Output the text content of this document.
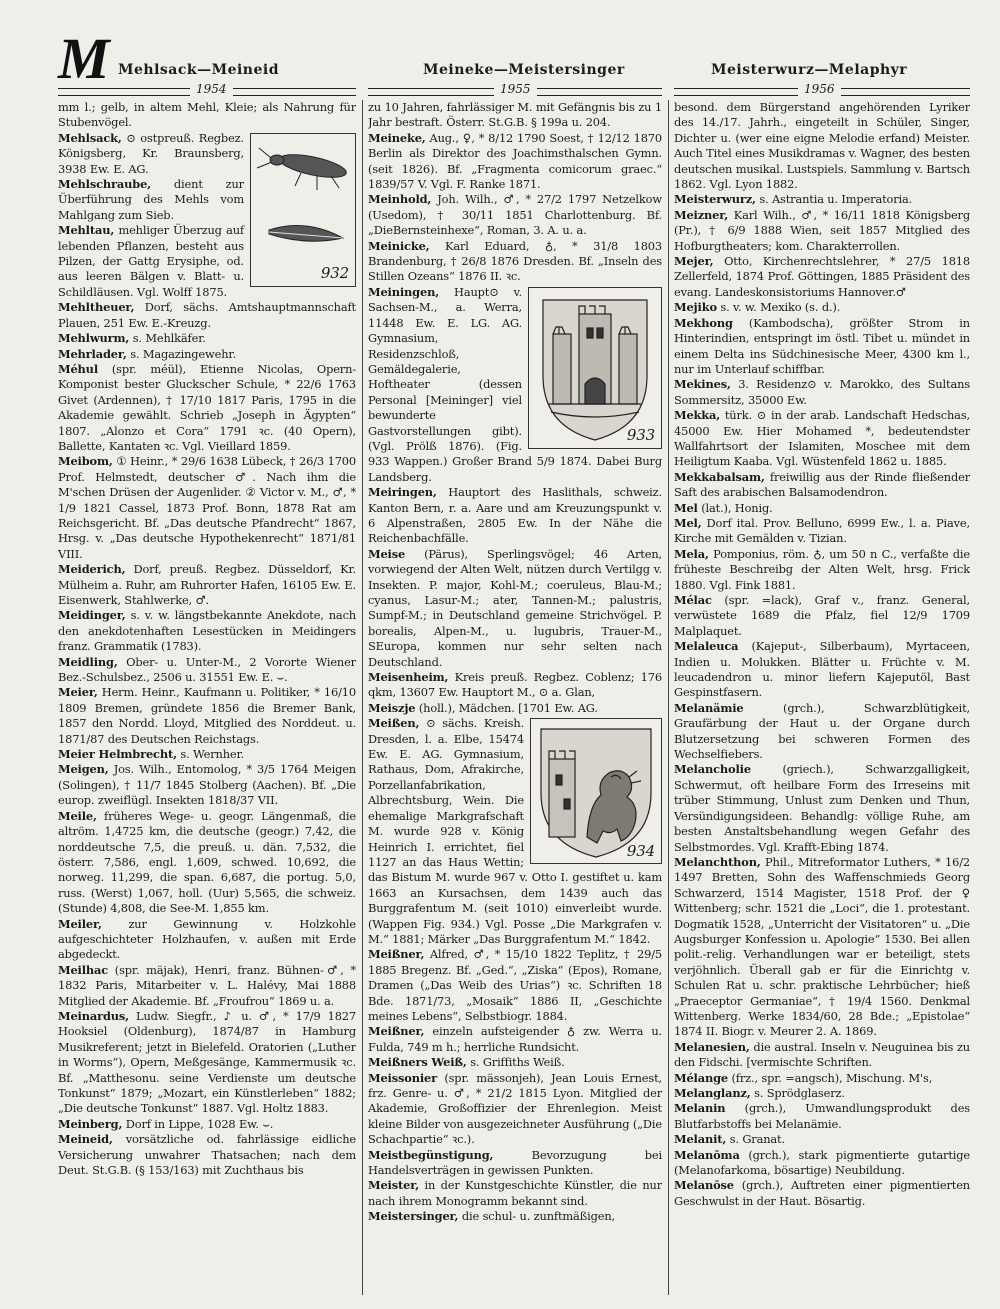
M Mehlsack—Meineid	Meineke—Meistersinger	Meisterwurz—Melaphyr
1954	1955	1956
mm l.; gelb, in altem Mehl, Kleie; als Nahrung für Stubenvögel.
932
Mehlsack, ⊙ ostpreuß. Regbez. Königsberg, Kr. Braunsberg, 3938 Ew. E. AG.
Mehlschraube, dient zur Überführung des Mehls vom Mahlgang zum Sieb.
Mehltau, mehliger Überzug auf lebenden Pflanzen, besteht aus Pilzen, der Gattg Erysiphe, od. aus leeren Bälgen v. Blatt- u. Schildläusen. Vgl. Wolff 1875.
Mehltheuer, Dorf, sächs. Amtshauptmannschaft Plauen, 251 Ew. E.-Kreuzg.
Mehlwurm, s. Mehlkäfer.
Mehrlader, s. Magazingewehr.
Méhul (spr. méül), Etienne Nicolas, Opern-Komponist bester Gluckscher Schule, * 22/6 1763 Givet (Ardennen), † 17/10 1817 Paris, 1795 in die Akademie gewählt. Schrieb „Joseph in Ägypten“ 1807. „Alonzo et Cora“ 1791 ꝛc. (40 Opern), Ballette, Kantaten ꝛc. Vgl. Vieillard 1859.
Meibom, ① Heinr., * 29/6 1638 Lübeck, † 26/3 1700 Prof. Helmstedt, deutscher ♂. Nach ihm die M'schen Drüsen der Augenlider. ② Victor v. M., ♂, * 1/9 1821 Cassel, 1873 Prof. Bonn, 1878 Rat am Reichsgericht. Bf. „Das deutsche Pfandrecht“ 1867, Hrsg. v. „Das deutsche Hypothekenrecht“ 1871/81 VIII.
Meiderich, Dorf, preuß. Regbez. Düsseldorf, Kr. Mülheim a. Ruhr, am Ruhrorter Hafen, 16105 Ew. E. Eisenwerk, Stahlwerke, ♂.
Meidinger, s. v. w. längstbekannte Anekdote, nach den anekdotenhaften Lesestücken in Meidingers franz. Grammatik (1783).
Meidling, Ober- u. Unter-M., 2 Vororte Wiener Bez.-Schulsbez., 2506 u. 31551 Ew. E. ⌣.
Meier, Herm. Heinr., Kaufmann u. Politiker, * 16/10 1809 Bremen, gründete 1856 die Bremer Bank, 1857 den Nordd. Lloyd, Mitglied des Norddeut. u. 1871/87 des Deutschen Reichstags.
Meier Helmbrecht, s. Wernher.
Meigen, Jos. Wilh., Entomolog, * 3/5 1764 Meigen (Solingen), † 11/7 1845 Stolberg (Aachen). Bf. „Die europ. zweiflügl. Insekten 1818/37 VII.
Meile, früheres Wege- u. geogr. Längenmaß, die altröm. 1,4725 km, die deutsche (geogr.) 7,42, die norddeutsche 7,5, die preuß. u. dän. 7,532, die österr. 7,586, engl. 1,609, schwed. 10,692, die norweg. 11,299, die span. 6,687, die portug. 5,0, russ. (Werst) 1,067, holl. (Uur) 5,565, die schweiz. (Stunde) 4,808, die See-M. 1,855 km.
Meiler, zur Gewinnung v. Holzkohle aufgeschichteter Holzhaufen, v. außen mit Erde abgedeckt.
Meilhac (spr. mäjak), Henri, franz. Bühnen-♂, * 1832 Paris, Mitarbeiter v. L. Halévy, Mai 1888 Mitglied der Akademie. Bf. „Froufrou“ 1869 u. a.
Meinardus, Ludw. Siegfr., ♪ u. ♂, * 17/9 1827 Hooksiel (Oldenburg), 1874/87 in Hamburg Musikreferent; jetzt in Bielefeld. Oratorien („Luther in Worms“), Opern, Meßgesänge, Kammermusik ꝛc. Bf. „Matthesonu. seine Verdienste um deutsche Tonkunst“ 1879; „Mozart, ein Künstlerleben“ 1882; „Die deutsche Tonkunst“ 1887. Vgl. Holtz 1883.
Meinberg, Dorf in Lippe, 1028 Ew. ⌣.
Meineid, vorsätzliche od. fahrlässige eidliche Versicherung unwahrer Thatsachen; nach dem Deut. St.G.B. (§ 153/163) mit Zuchthaus bis
zu 10 Jahren, fahrlässiger M. mit Gefängnis bis zu 1 Jahr bestraft. Österr. St.G.B. § 199a u. 204.
Meineke, Aug., ♀, * 8/12 1790 Soest, † 12/12 1870 Berlin als Direktor des Joachimsthalschen Gymn. (seit 1826). Bf. „Fragmenta comicorum graec.“ 1839/57 V. Vgl. F. Ranke 1871.
Meinhold, Joh. Wilh., ♂, * 27/2 1797 Netzelkow (Usedom), † 30/11 1851 Charlottenburg. Bf. „DieBernsteinhexe“, Roman, 3. A. u. a.
Meinicke, Karl Eduard, ♁, * 31/8 1803 Brandenburg, † 26/8 1876 Dresden. Bf. „Inseln des Stillen Ozeans“ 1876 II. ꝛc.
933
Meiningen, Haupt⊙ v. Sachsen-M., a. Werra, 11448 Ew. E. LG. AG. Gymnasium, Residenzschloß, Gemäldegalerie, Hoftheater (dessen Personal [Meininger] viel bewunderte Gastvorstellungen gibt). (Vgl. Prölß 1876). (Fig. 933 Wappen.) Großer Brand 5/9 1874. Dabei Burg Landsberg.
Meiringen, Hauptort des Haslithals, schweiz. Kanton Bern, r. a. Aare und am Kreuzungspunkt v. 6 Alpenstraßen, 2805 Ew. In der Nähe die Reichenbachfälle.
Meise (Pärus), Sperlingsvögel; 46 Arten, vorwiegend der Alten Welt, nützen durch Vertilgg v. Insekten. P. major, Kohl-M.; coeruleus, Blau-M.; cyanus, Lasur-M.; ater, Tannen-M.; palustris, Sumpf-M.; in Deutschland gemeine Strichvögel. P. borealis, Alpen-M., u. lugubris, Trauer-M., SEuropa, kommen nur sehr selten nach Deutschland.
Meisenheim, Kreis preuß. Regbez. Coblenz; 176 qkm, 13607 Ew. Hauptort M., ⊙ a. Glan,
Meiszje (holl.), Mädchen. [1701 Ew. AG.
934
Meißen, ⊙ sächs. Kreish. Dresden, l. a. Elbe, 15474 Ew. E. AG. Gymnasium, Rathaus, Dom, Afrakirche, Porzellanfabrikation, Albrechtsburg, Wein. Die ehemalige Markgrafschaft M. wurde 928 v. König Heinrich I. errichtet, fiel 1127 an das Haus Wettin; das Bistum M. wurde 967 v. Otto I. gestiftet u. kam 1663 an Kursachsen, dem 1439 auch das Burggrafentum M. (seit 1010) einverleibt wurde. (Wappen Fig. 934.) Vgl. Posse „Die Markgrafen v. M.“ 1881; Märker „Das Burggrafentum M.“ 1842.
Meißner, Alfred, ♂, * 15/10 1822 Teplitz, † 29/5 1885 Bregenz. Bf. „Ged.“, „Ziska“ (Epos), Romane, Dramen („Das Weib des Urias“) ꝛc. Schriften 18 Bde. 1871/73, „Mosaik“ 1886 II, „Geschichte meines Lebens“, Selbstbiogr. 1884.
Meißner, einzeln aufsteigender ♁ zw. Werra u. Fulda, 749 m h.; herrliche Rundsicht.
Meißners Weiß, s. Griffiths Weiß.
Meissonier (spr. mässonjeh), Jean Louis Ernest, frz. Genre- u. ♂, * 21/2 1815 Lyon. Mitglied der Akademie, Großoffizier der Ehrenlegion. Meist kleine Bilder von ausgezeichneter Ausführung („Die Schachpartie“ ꝛc.).
Meistbegünstigung,	Bevorzugung bei Handelsverträgen in gewissen Punkten.
Meister, in der Kunstgeschichte Künstler, die nur nach ihrem Monogramm bekannt sind.
Meistersinger, die schul- u. zunftmäßigen,
besond. dem Bürgerstand angehörenden Lyriker des 14./17. Jahrh., eingeteilt in Schüler, Singer, Dichter u. (wer eine eigne Melodie erfand) Meister. Auch Titel eines Musikdramas v. Wagner, des besten deutschen musikal. Lustspiels. Sammlung v. Bartsch 1862. Vgl. Lyon 1882.
Meisterwurz, s. Astrantia u. Imperatoria.
Meizner, Karl Wilh., ♂, * 16/11 1818 Königsberg (Pr.), † 6/9 1888 Wien, seit 1857 Mitglied des Hofburgtheaters; kom. Charakterrollen.
Mejer, Otto, Kirchenrechtslehrer, * 27/5 1818 Zellerfeld, 1874 Prof. Göttingen, 1885 Präsident des evang. Landeskonsistoriums Hannover.♂
Mejiko s. v. w. Mexiko (s. d.).
Mekhong (Kambodscha), größter Strom in Hinterindien, entspringt im östl. Tibet u. mündet in einem Delta ins Südchinesische Meer, 4300 km l., nur im Unterlauf schiffbar.
Mekines, 3. Residenz⊙ v. Marokko, des Sultans Sommersitz, 35000 Ew.
Mekka, türk. ⊙ in der arab. Landschaft Hedschas, 45000 Ew. Hier Mohamed *, bedeutendster Wallfahrtsort der Islamiten, Moschee mit dem Heiligtum Kaaba. Vgl. Wüstenfeld 1862 u. 1885.
Mekkabalsam, freiwillig aus der Rinde fließender Saft des arabischen Balsamodendron.
Mel (lat.), Honig.
Mel, Dorf ital. Prov. Belluno, 6999 Ew., l. a. Piave, Kirche mit Gemälden v. Tizian.
Mela, Pomponius, röm. ♁, um 50 n C., verfaßte die früheste Beschreibg der Alten Welt, hrsg. Frick 1880. Vgl. Fink 1881.
Mélac (spr. =lack), Graf v., franz. General, verwüstete 1689 die Pfalz, fiel 12/9 1709 Malplaquet.
Melaleuca (Kajeput-, Silberbaum), Myrtaceen, Indien u. Molukken. Blätter u. Früchte v. M. leucadendron u. minor liefern Kajeputöl, Bast Gespinstfasern.
Melanämie	(grch.), Schwarzblütigkeit, Graufärbung der Haut u. der Organe durch Blutzersetzung bei schweren Formen des Wechselfiebers.
Melancholie	(griech.), Schwarzgalligkeit, Schwermut, oft heilbare Form des Irreseins mit trüber Stimmung, Unlust zum Denken und Thun, Versündigungsideen. Behandlg: völlige Ruhe, am besten Anstaltsbehandlung wegen Gefahr des Selbstmordes. Vgl. Krafft-Ebing 1874.
Melanchthon, Phil., Mitreformator Luthers, * 16/2 1497 Bretten, Sohn des Waffenschmieds Georg Schwarzerd, 1514 Magister, 1518 Prof. der ♀ Wittenberg; schr. 1521 die „Loci“, die 1. protestant. Dogmatik 1528, „Unterricht der Visitatoren“ u. „Die Augsburger Konfession u. Apologie“ 1530. Bei allen polit.-relig. Verhandlungen war er beteiligt, stets verjöhnlich. Überall gab er für die Einrichtg v. Schulen Rat u. schr. praktische Lehrbücher; hieß „Praeceptor Germaniae“, † 19/4 1560. Denkmal Wittenberg. Werke 1834/60, 28 Bde.; „Epistolae“ 1874 II. Biogr. v. Meurer 2. A. 1869.
Melanesien, die austral. Inseln v. Neuguinea bis zu den Fidschi. [vermischte Schriften.
Mélange (frz., spr. =angsch), Mischung. M's,
Melanglanz, s. Sprödglaserz.
Melanin (grch.), Umwandlungsprodukt des Blutfarbstoffs bei Melanämie.
Melanit, s. Granat.
Melanōma (grch.), stark pigmentierte gutartige (Melanofarkoma, bösartige) Neubildung.
Melanōse (grch.), Auftreten einer pigmentierten Geschwulst in der Haut. Bösartig.
